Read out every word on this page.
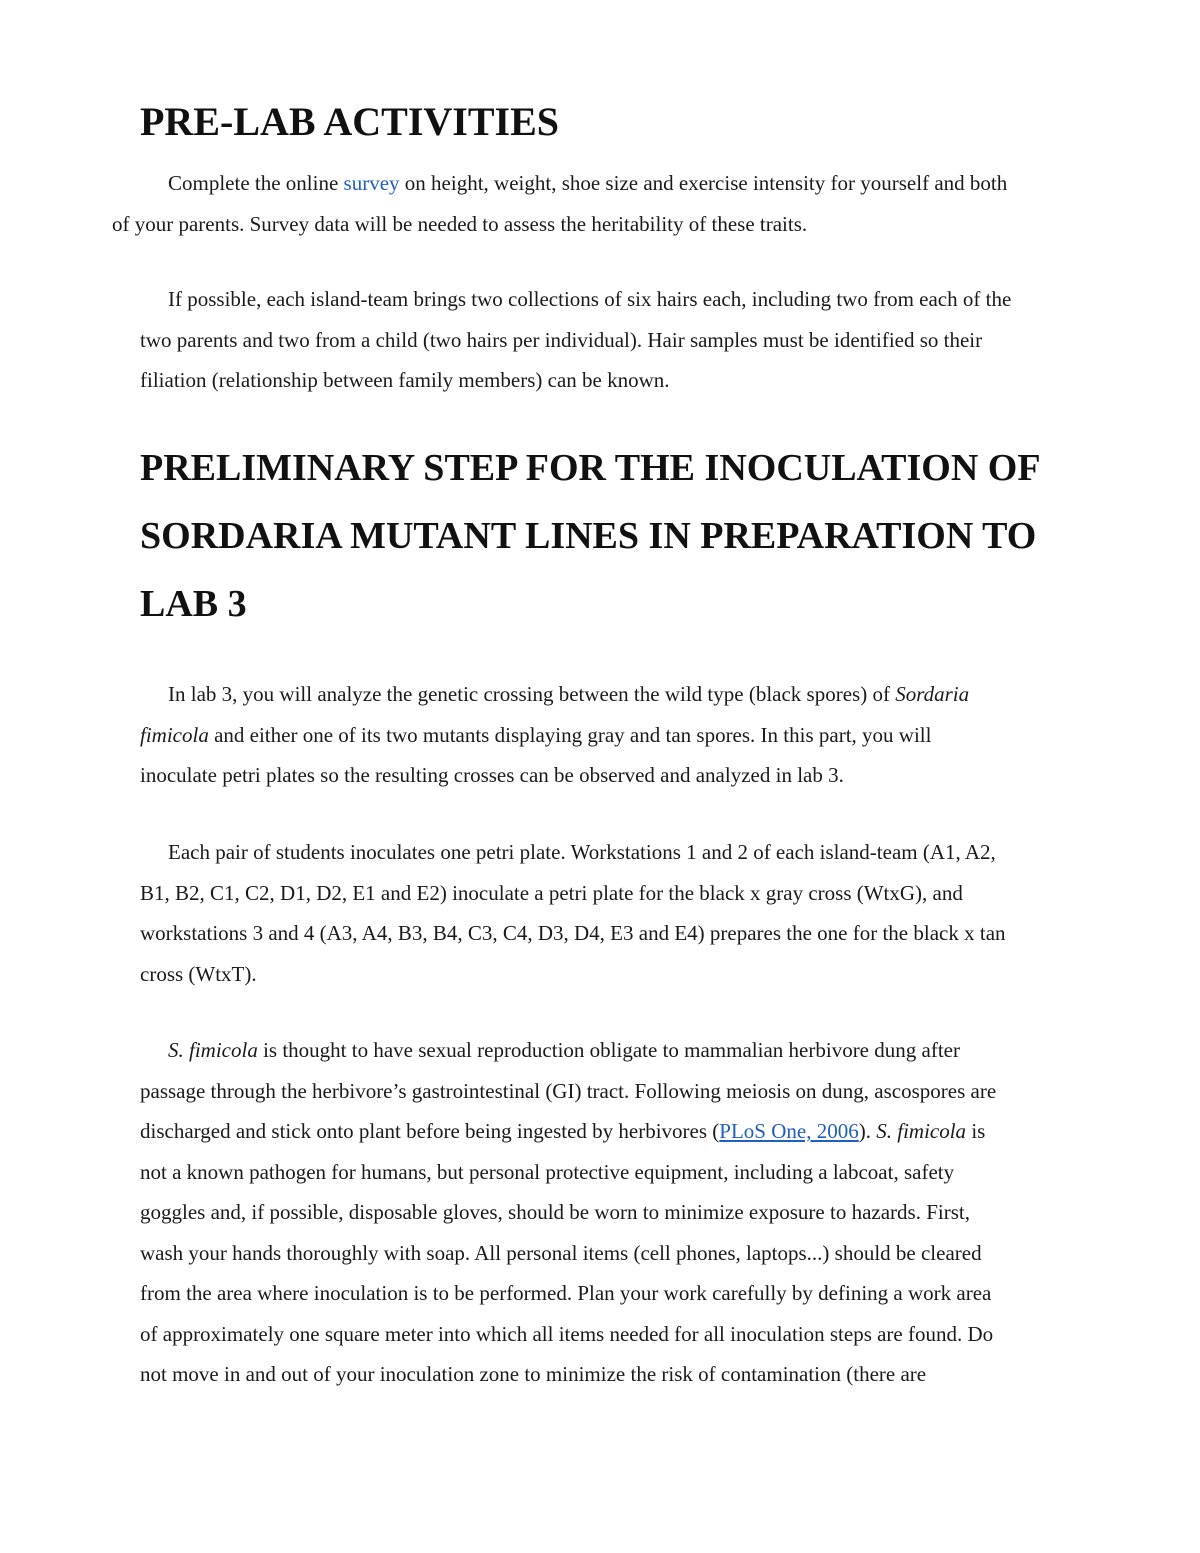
PRE-LAB ACTIVITIES

Complete the online survey on height, weight, shoe size and exercise intensity for yourself and both
of your parents. Survey data will be needed to assess the heritability of these traits.

If possible, each island-team brings two collections of six hairs each, including two from each of the
two parents and two from a child (two hairs per individual). Hair samples must be identified so their
filiation (relationship between family members) can be known.

PRELIMINARY STEP FOR THE INOCULATION OF
SORDARIA MUTANT LINES IN PREPARATION TO
LAB 3

In lab 3, you will analyze the genetic crossing between the wild type (black spores) of Sordaria
fimicola and either one of its two mutants displaying gray and tan spores. In this part, you will
inoculate petri plates so the resulting crosses can be observed and analyzed in lab 3.

Each pair of students inoculates one petri plate. Workstations 1 and 2 of each island-team (A1, A2,
B1, B2, C1, C2, D1, D2, E1 and E2) inoculate a petri plate for the black x gray cross (WtxG), and
workstations 3 and 4 (A3, A4, B3, B4, C3, C4, D3, D4, E3 and E4) prepares the one for the black x tan
cross (WtxT).

S. fimicola is thought to have sexual reproduction obligate to mammalian herbivore dung after
passage through the herbivore’s gastrointestinal (GI) tract. Following meiosis on dung, ascospores are
discharged and stick onto plant before being ingested by herbivores (PLoS One, 2006). S. fimicola is
not a known pathogen for humans, but personal protective equipment, including a labcoat, safety
goggles and, if possible, disposable gloves, should be worn to minimize exposure to hazards. First,
wash your hands thoroughly with soap. All personal items (cell phones, laptops...) should be cleared
from the area where inoculation is to be performed. Plan your work carefully by defining a work area
of approximately one square meter into which all items needed for all inoculation steps are found. Do
not move in and out of your inoculation zone to minimize the risk of contamination (there are
